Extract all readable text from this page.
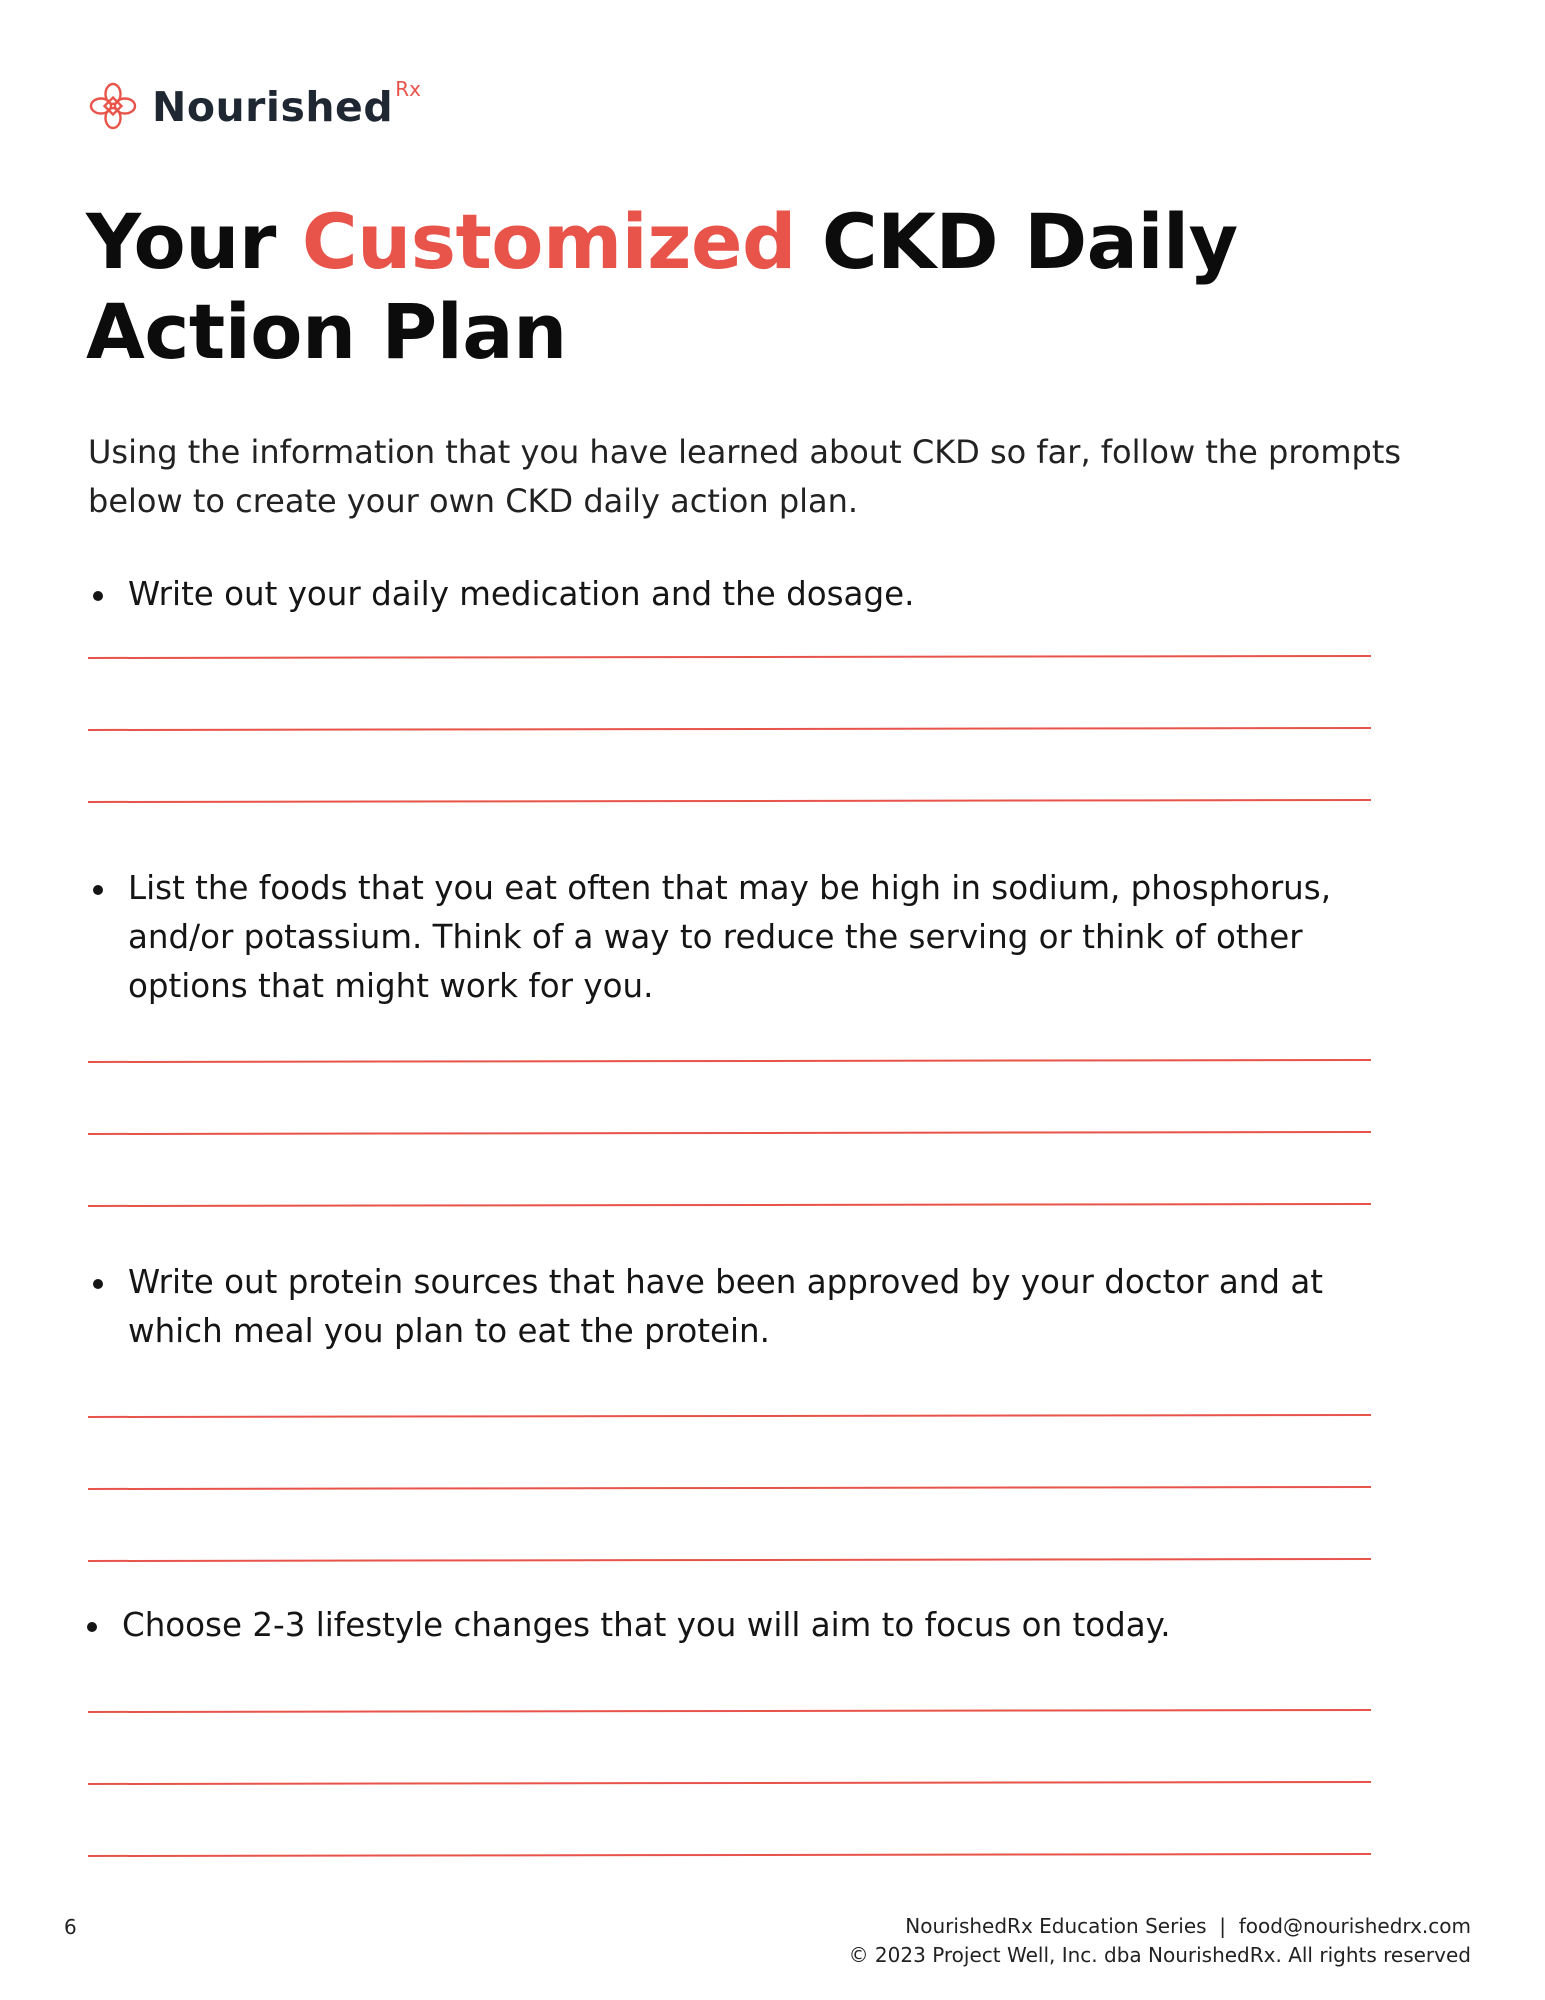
Nourished Rx
Your Customized CKD Daily Action Plan

Using the information that you have learned about CKD so far, follow the prompts below to create your own CKD daily action plan.

Write out your daily medication and the dosage.
List the foods that you eat often that may be high in sodium, phosphorus, and/or potassium. Think of a way to reduce the serving or think of other options that might work for you.
Write out protein sources that have been approved by your doctor and at which meal you plan to eat the protein.
Choose 2-3 lifestyle changes that you will aim to focus on today.
6	NourishedRx Education Series  |  food@nourishedrx.com
© 2023 Project Well, Inc. dba NourishedRx. All rights reserved
